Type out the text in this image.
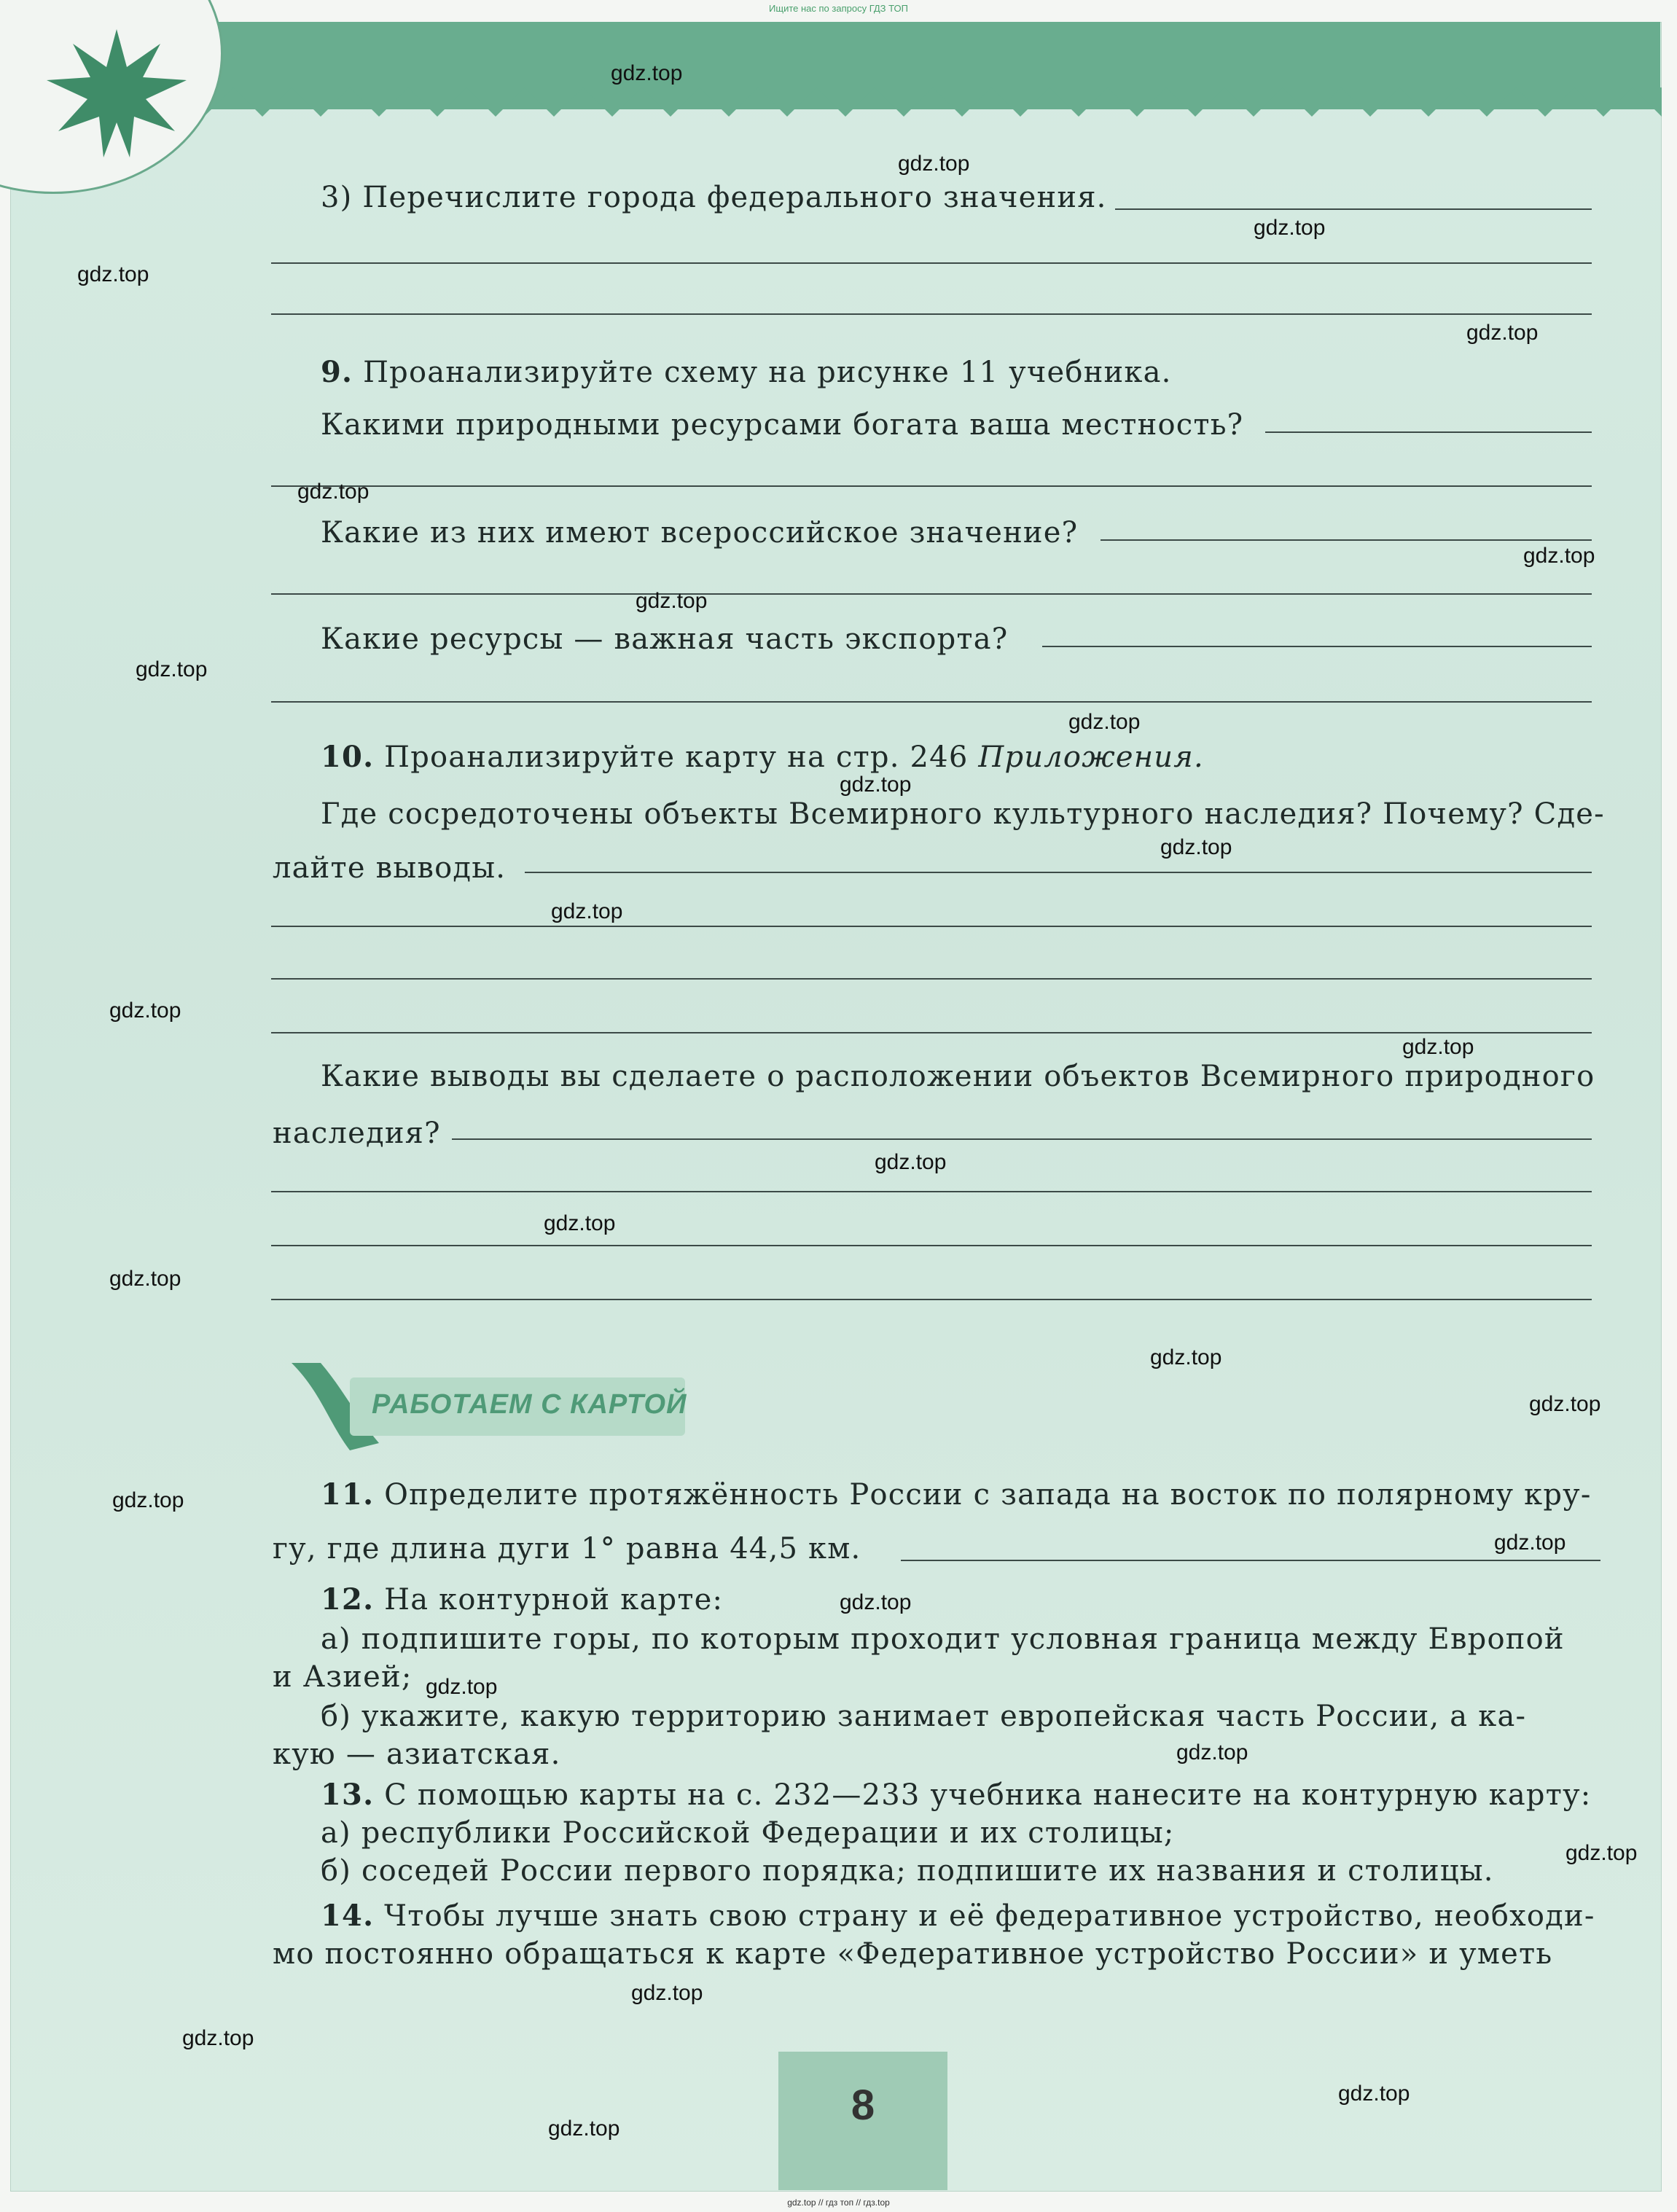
Ищите нас по запросу ГДЗ ТОП
3) Перечислите города федерального значения.
9. Проанализируйте схему на рисунке 11 учебника.
Какими природными ресурсами богата ваша местность?
Какие из них имеют всероссийское значение?
Какие ресурсы — важная часть экспорта?
10. Проанализируйте карту на стр. 246 Приложения.
Где сосредоточены объекты Всемирного культурного наследия? Почему? Сде-
лайте выводы.
Какие выводы вы сделаете о расположении объектов Всемирного природного
наследия?
РАБОТАЕМ С КАРТОЙ
11. Определите протяжённость России с запада на восток по полярному кру-
гу, где длина дуги 1° равна 44,5 км.
12. На контурной карте:
а) подпишите горы, по которым проходит условная граница между Европой
и Азией;
б) укажите, какую территорию занимает европейская часть России, а ка-
кую — азиатская.
13. С помощью карты на с. 232—233 учебника нанесите на контурную карту:
а) республики Российской Федерации и их столицы;
б) соседей России первого порядка; подпишите их названия и столицы.
14. Чтобы лучше знать свою страну и её федеративное устройство, необходи-
мо постоянно обращаться к карте «Федеративное устройство России» и уметь
8
gdz.top
gdz.top
gdz.top
gdz.top
gdz.top
gdz.top
gdz.top
gdz.top
gdz.top
gdz.top
gdz.top
gdz.top
gdz.top
gdz.top
gdz.top
gdz.top
gdz.top
gdz.top
gdz.top
gdz.top
gdz.top
gdz.top
gdz.top
gdz.top
gdz.top
gdz.top
gdz.top
gdz.top
gdz.top
gdz.top
gdz.top // гдз топ // гдз.top
